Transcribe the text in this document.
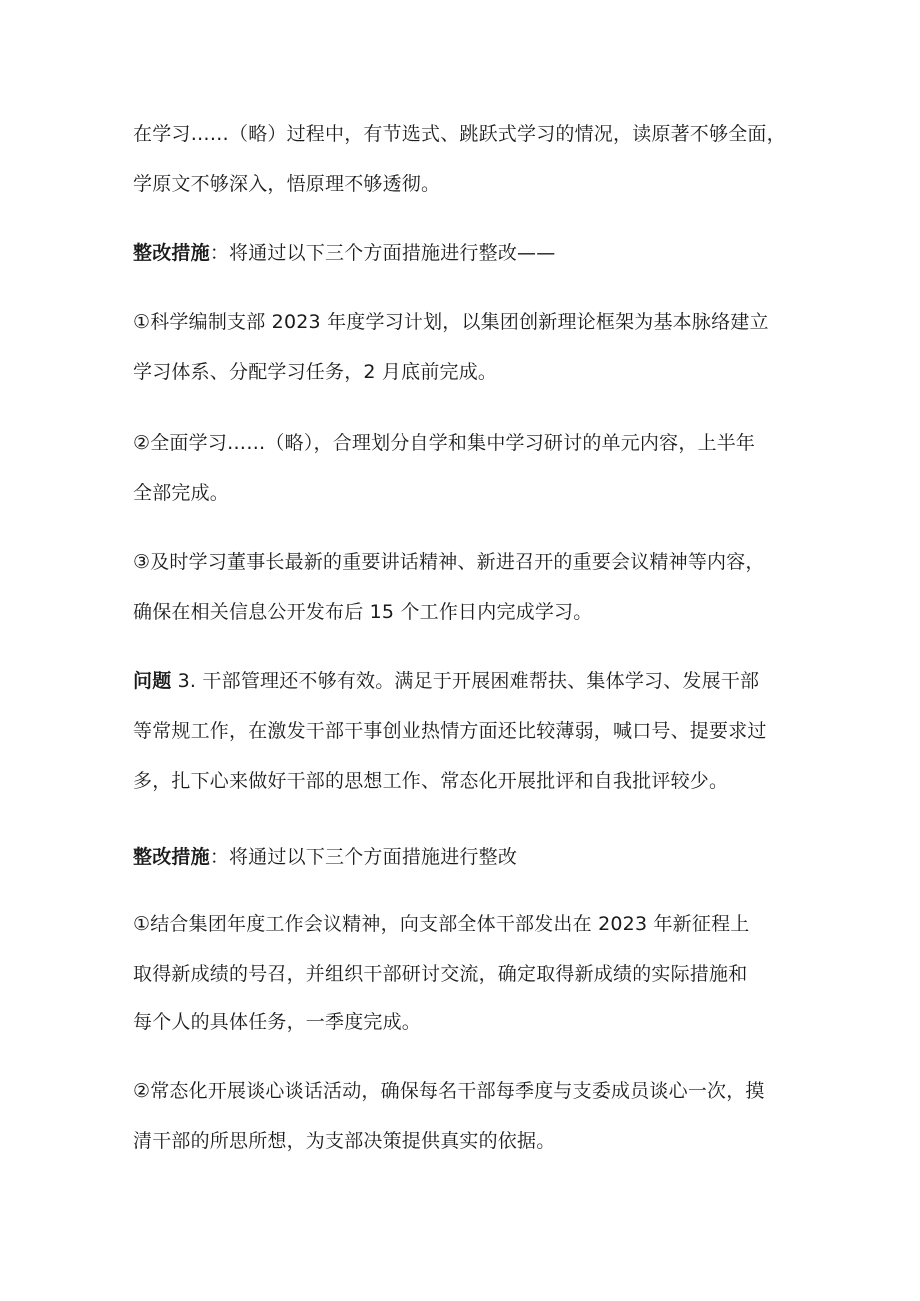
在学习……（略）过程中，有节选式、跳跃式学习的情况，读原著不够全面，
学原文不够深入，悟原理不够透彻。
整改措施：将通过以下三个方面措施进行整改——
①科学编制支部 2023 年度学习计划，以集团创新理论框架为基本脉络建立
学习体系、分配学习任务，2 月底前完成。
②全面学习……（略），合理划分自学和集中学习研讨的单元内容，上半年
全部完成。
③及时学习董事长最新的重要讲话精神、新进召开的重要会议精神等内容，
确保在相关信息公开发布后 15 个工作日内完成学习。
问题 3. 干部管理还不够有效。满足于开展困难帮扶、集体学习、发展干部
等常规工作，在激发干部干事创业热情方面还比较薄弱，喊口号、提要求过
多，扎下心来做好干部的思想工作、常态化开展批评和自我批评较少。
整改措施：将通过以下三个方面措施进行整改
①结合集团年度工作会议精神，向支部全体干部发出在 2023 年新征程上
取得新成绩的号召，并组织干部研讨交流，确定取得新成绩的实际措施和
每个人的具体任务，一季度完成。
②常态化开展谈心谈话活动，确保每名干部每季度与支委成员谈心一次，摸
清干部的所思所想，为支部决策提供真实的依据。
